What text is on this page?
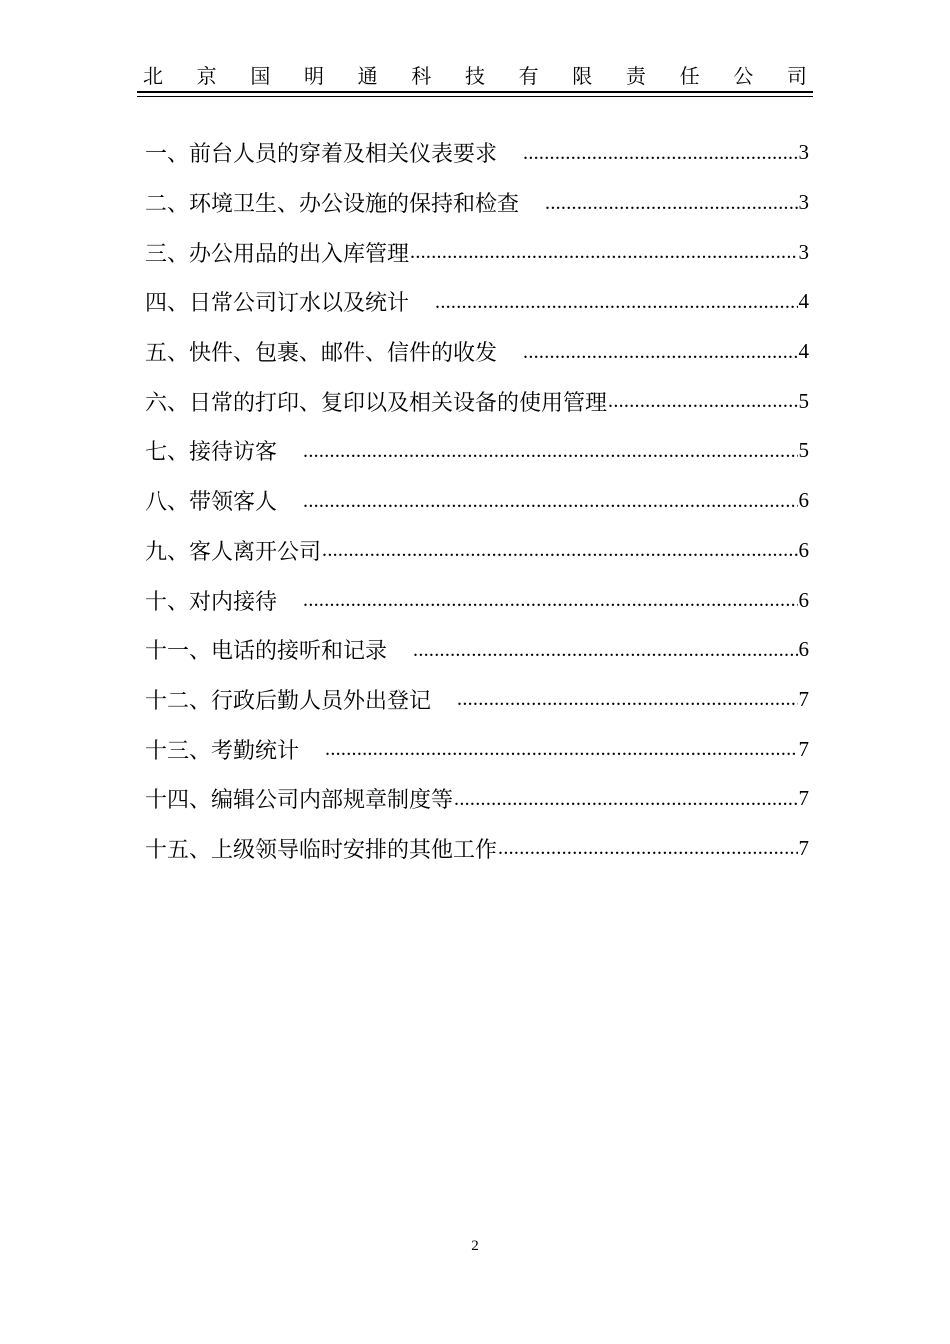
北 京 国 明 通 科 技 有 限 责 任 公 司
一、前台人员的穿着及相关仪表要求 .....	3
二、环境卫生、办公设施的保持和检查 .....	3
三、办公用品的出入库管理 .....	3
四、日常公司订水以及统计 .....	4
五、快件、包裹、邮件、信件的收发 .....	4
六、日常的打印、复印以及相关设备的使用管理 .....	5
七、接待访客 .....	5
八、带领客人 .....	6
九、客人离开公司 .....	6
十、对内接待 .....	6
十一、电话的接听和记录 .....	6
十二、行政后勤人员外出登记 .....	7
十三、考勤统计 .....	7
十四、编辑公司内部规章制度等 .....	7
十五、上级领导临时安排的其他工作 .....	7
2
